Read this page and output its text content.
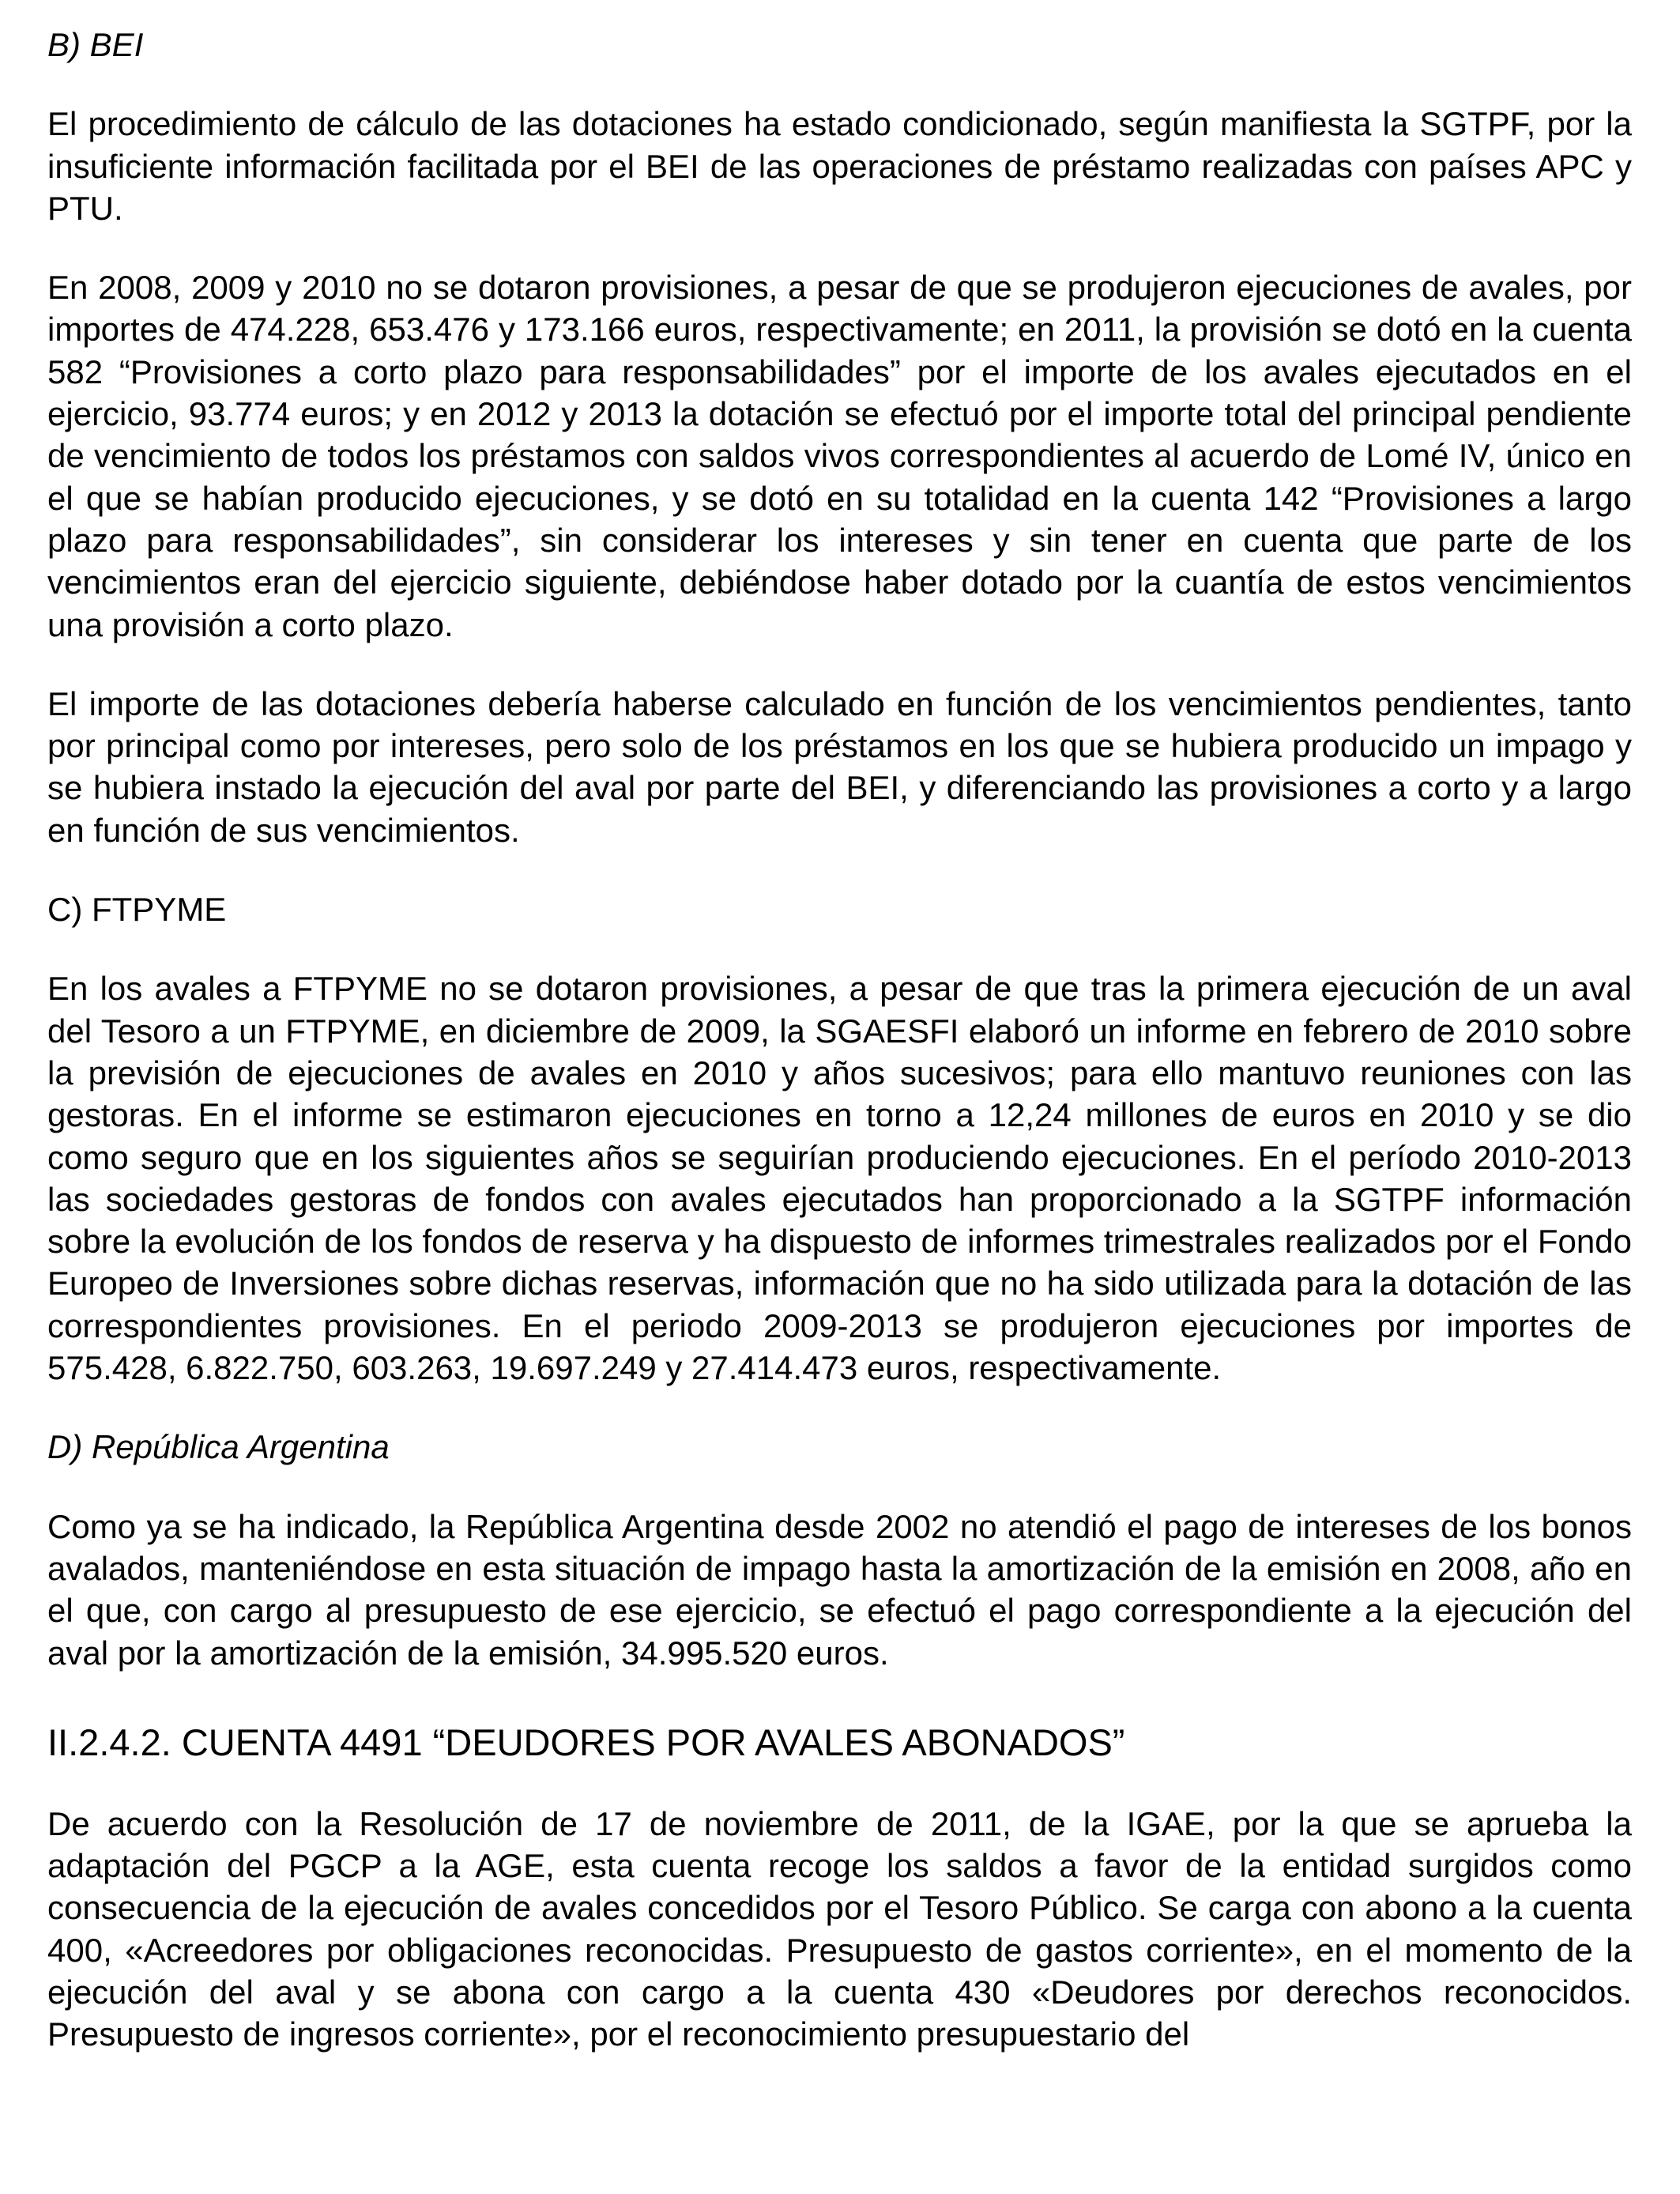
B) BEI

El procedimiento de cálculo de las dotaciones ha estado condicionado, según manifiesta la SGTPF, por la insuficiente información facilitada por el BEI de las operaciones de préstamo realizadas con países APC y PTU.

En 2008, 2009 y 2010 no se dotaron provisiones, a pesar de que se produjeron ejecuciones de avales, por importes de 474.228, 653.476 y 173.166 euros, respectivamente; en 2011, la provisión se dotó en la cuenta 582 “Provisiones a corto plazo para responsabilidades” por el importe de los avales ejecutados en el ejercicio, 93.774 euros; y en 2012 y 2013 la dotación se efectuó por el importe total del principal pendiente de vencimiento de todos los préstamos con saldos vivos correspondientes al acuerdo de Lomé IV, único en el que se habían producido ejecuciones, y se dotó en su totalidad en la cuenta 142 “Provisiones a largo plazo para responsabilidades”, sin considerar los intereses y sin tener en cuenta que parte de los vencimientos eran del ejercicio siguiente, debiéndose haber dotado por la cuantía de estos vencimientos una provisión a corto plazo.

El importe de las dotaciones debería haberse calculado en función de los vencimientos pendientes, tanto por principal como por intereses, pero solo de los préstamos en los que se hubiera producido un impago y se hubiera instado la ejecución del aval por parte del BEI, y diferenciando las provisiones a corto y a largo en función de sus vencimientos.

C) FTPYME

En los avales a FTPYME no se dotaron provisiones, a pesar de que tras la primera ejecución de un aval del Tesoro a un FTPYME, en diciembre de 2009, la SGAESFI elaboró un informe en febrero de 2010 sobre la previsión de ejecuciones de avales en 2010 y años sucesivos; para ello mantuvo reuniones con las gestoras. En el informe se estimaron ejecuciones en torno a 12,24 millones de euros en 2010 y se dio como seguro que en los siguientes años se seguirían produciendo ejecuciones. En el período 2010-2013 las sociedades gestoras de fondos con avales ejecutados han proporcionado a la SGTPF información sobre la evolución de los fondos de reserva y ha dispuesto de informes trimestrales realizados por el Fondo Europeo de Inversiones sobre dichas reservas, información que no ha sido utilizada para la dotación de las correspondientes provisiones. En el periodo 2009-2013 se produjeron ejecuciones por importes de 575.428, 6.822.750, 603.263, 19.697.249 y 27.414.473 euros, respectivamente.

D) República Argentina

Como ya se ha indicado, la República Argentina desde 2002 no atendió el pago de intereses de los bonos avalados, manteniéndose en esta situación de impago hasta la amortización de la emisión en 2008, año en el que, con cargo al presupuesto de ese ejercicio, se efectuó el pago correspondiente a la ejecución del aval por la amortización de la emisión, 34.995.520 euros.

II.2.4.2. CUENTA 4491 “DEUDORES POR AVALES ABONADOS”

De acuerdo con la Resolución de 17 de noviembre de 2011, de la IGAE, por la que se aprueba la adaptación del PGCP a la AGE, esta cuenta recoge los saldos a favor de la entidad surgidos como consecuencia de la ejecución de avales concedidos por el Tesoro Público. Se carga con abono a la cuenta 400, «Acreedores por obligaciones reconocidas. Presupuesto de gastos corriente», en el momento de la ejecución del aval y se abona con cargo a la cuenta 430 «Deudores por derechos reconocidos. Presupuesto de ingresos corriente», por el reconocimiento presupuestario del
